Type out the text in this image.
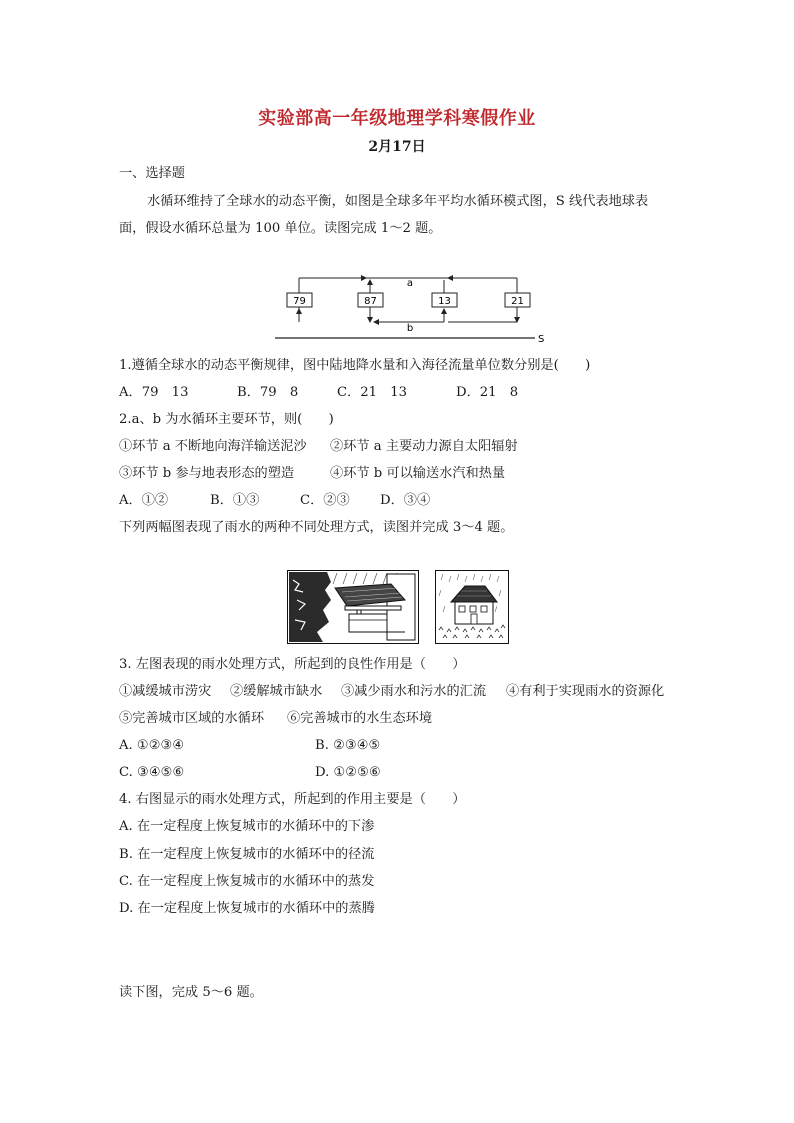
实验部高一年级地理学科寒假作业
2月17日
一、选择题
水循环维持了全球水的动态平衡，如图是全球多年平均水循环模式图，S 线代表地球表
面，假设水循环总量为 100 单位。读图完成 1～2 题。
a
79	87	13	21
b
S
1.遵循全球水的动态平衡规律，图中陆地降水量和入海径流量单位数分别是(　　)
A．79　13	B．79　8	C．21　13	D．21　8
2.a、b 为水循环主要环节，则(　　)
①环节 a 不断地向海洋输送泥沙 ②环节 a 主要动力源自太阳辐射
③环节 b 参与地表形态的塑造	④环节 b 可以输送水汽和热量
A．①②	B．①③	C．②③ D．③④
下列两幅图表现了雨水的两种不同处理方式，读图并完成 3～4 题。
3. 左图表现的雨水处理方式，所起到的良性作用是（　　）
①减缓城市涝灾 ②缓解城市缺水 ③减少雨水和污水的汇流 ④有利于实现雨水的资源化
⑤完善城市区域的水循环 ⑥完善城市的水生态环境
A. ①②③④	B. ②③④⑤
C. ③④⑤⑥	D. ①②⑤⑥
4. 右图显示的雨水处理方式，所起到的作用主要是（　　）
A. 在一定程度上恢复城市的水循环中的下渗
B. 在一定程度上恢复城市的水循环中的径流
C. 在一定程度上恢复城市的水循环中的蒸发
D. 在一定程度上恢复城市的水循环中的蒸腾
读下图，完成 5～6 题。
